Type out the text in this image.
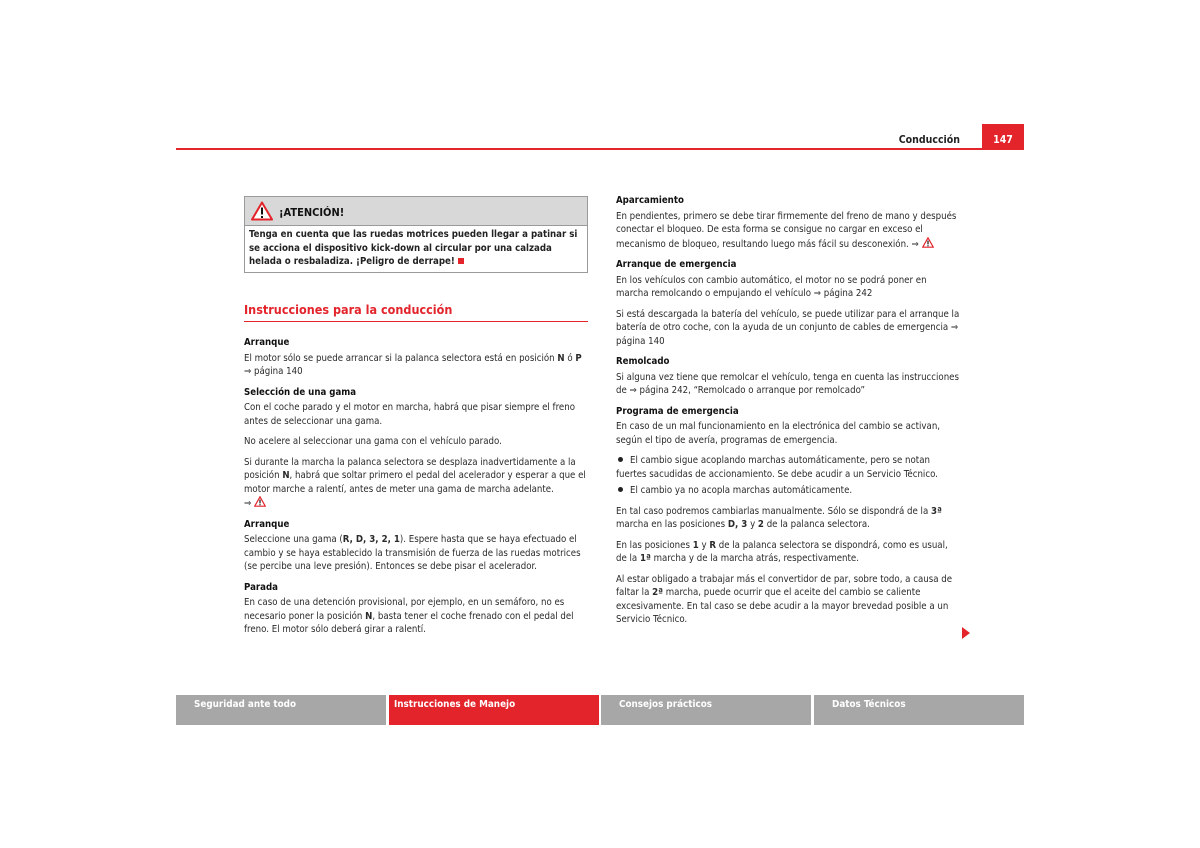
Conducción	147
¡ATENCIÓN!
Tenga en cuenta que las ruedas motrices pueden llegar a patinar si se acciona el dispositivo kick-down al circular por una calzada helada o resbaladiza. ¡Peligro de derrape!
Instrucciones para la conducción
Arranque

El motor sólo se puede arrancar si la palanca selectora está en posición N ó P ⇒ página 140

Selección de una gama

Con el coche parado y el motor en marcha, habrá que pisar siempre el freno antes de seleccionar una gama.

No acelere al seleccionar una gama con el vehículo parado.

Si durante la marcha la palanca selectora se desplaza inadvertidamente a la posición N, habrá que soltar primero el pedal del acelerador y esperar a que el motor marche a ralentí, antes de meter una gama de marcha adelante.
⇒

Arranque

Seleccione una gama (R, D, 3, 2, 1). Espere hasta que se haya efectuado el cambio y se haya establecido la transmisión de fuerza de las ruedas motrices (se percibe una leve presión). Entonces se debe pisar el acelerador.

Parada

En caso de una detención provisional, por ejemplo, en un semáforo, no es necesario poner la posición N, basta tener el coche frenado con el pedal del freno. El motor sólo deberá girar a ralentí.

Aparcamiento

En pendientes, primero se debe tirar firmemente del freno de mano y después conectar el bloqueo. De esta forma se consigue no cargar en exceso el mecanismo de bloqueo, resultando luego más fácil su desconexión. ⇒

Arranque de emergencia

En los vehículos con cambio automático, el motor no se podrá poner en marcha remolcando o empujando el vehículo ⇒ página 242

Si está descargada la batería del vehículo, se puede utilizar para el arranque la batería de otro coche, con la ayuda de un conjunto de cables de emergencia ⇒ página 140

Remolcado

Si alguna vez tiene que remolcar el vehículo, tenga en cuenta las instrucciones de ⇒ página 242, “Remolcado o arranque por remolcado”

Programa de emergencia

En caso de un mal funcionamiento en la electrónica del cambio se activan, según el tipo de avería, programas de emergencia.

El cambio sigue acoplando marchas automáticamente, pero se notan fuertes sacudidas de accionamiento. Se debe acudir a un Servicio Técnico.

El cambio ya no acopla marchas automáticamente.

En tal caso podremos cambiarlas manualmente. Sólo se dispondrá de la 3ª marcha en las posiciones D, 3 y 2 de la palanca selectora.

En las posiciones 1 y R de la palanca selectora se dispondrá, como es usual, de la 1ª marcha y de la marcha atrás, respectivamente.

Al estar obligado a trabajar más el convertidor de par, sobre todo, a causa de faltar la 2ª marcha, puede ocurrir que el aceite del cambio se caliente excesivamente. En tal caso se debe acudir a la mayor brevedad posible a un Servicio Técnico.

Seguridad ante todo	Instrucciones de Manejo	Consejos prácticos	Datos Técnicos
